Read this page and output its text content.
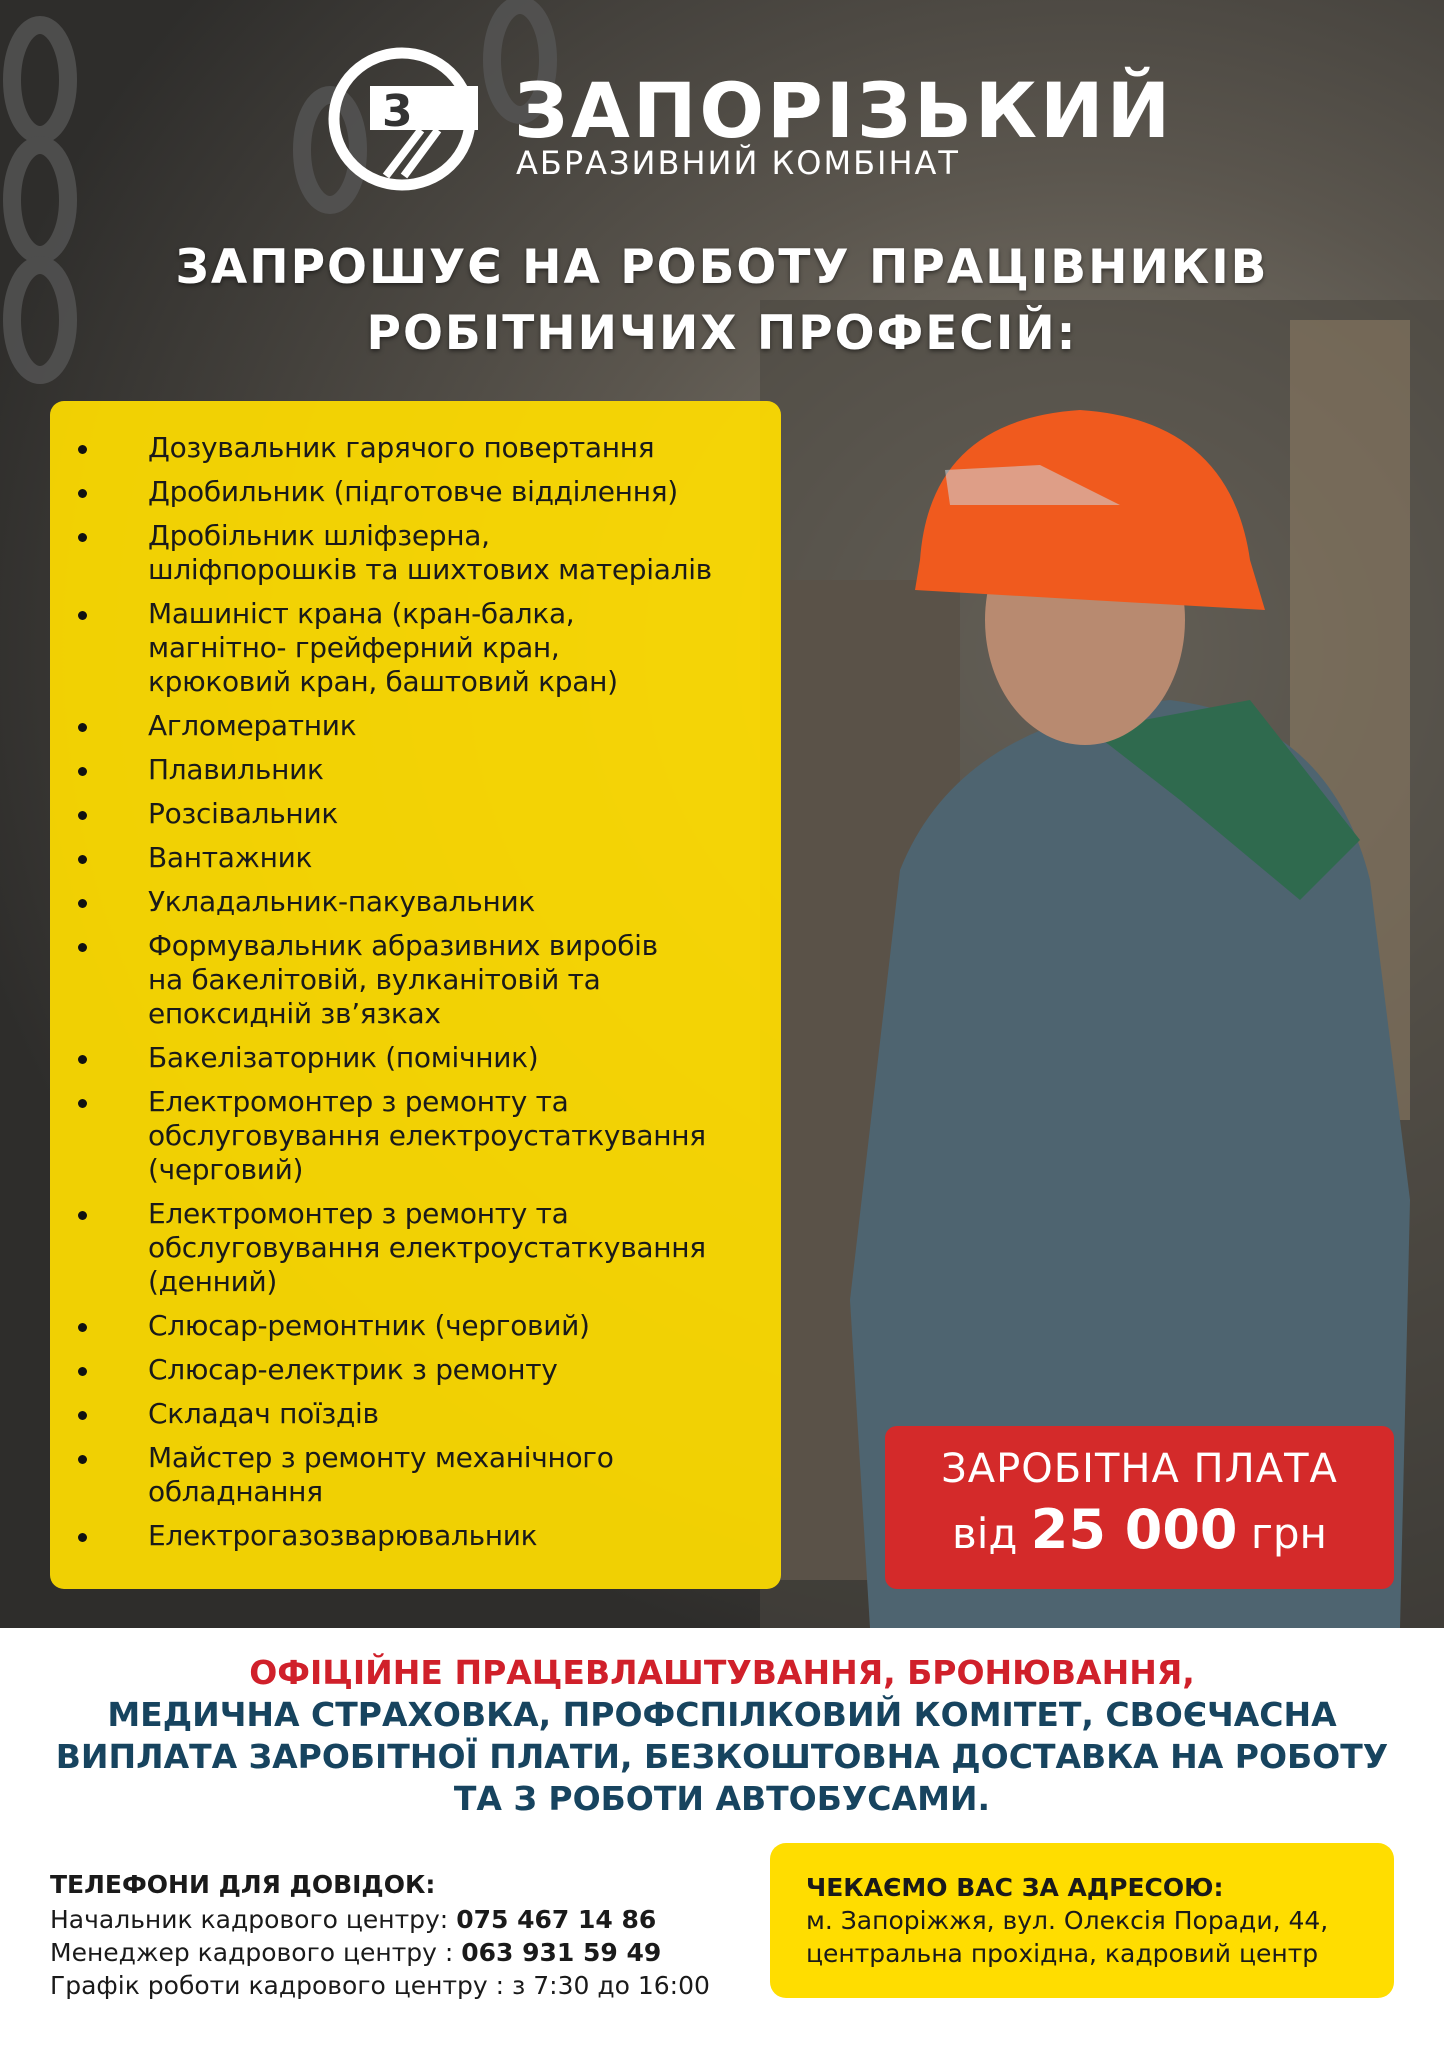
3 ЗАПОРІЗЬКИЙ
АБРАЗИВНИЙ КОМБІНАТ
ЗАПРОШУЄ НА РОБОТУ ПРАЦІВНИКІВ
РОБІТНИЧИХ ПРОФЕСІЙ:
Дозувальник гарячого повертання
Дробильник (підготовче відділення)
Дробільник шліфзерна,
шліфпорошків та шихтових матеріалів
Машиніст крана (кран-балка,
магнітно- грейферний кран,
крюковий кран, баштовий кран)
Агломератник
Плавильник
Розсівальник
Вантажник
Укладальник-пакувальник
Формувальник абразивних виробів
на бакелітовій, вулканітовій та
епоксидній зв’язках
Бакелізаторник (помічник)
Електромонтер з ремонту та
обслуговування електроустаткування
(черговий)
Електромонтер з ремонту та
обслуговування електроустаткування
(денний)
Слюсар-ремонтник (черговий)
Слюсар-електрик з ремонту
Складач поїздів
Майстер з ремонту механічного
обладнання
Електрогазозварювальник
ЗАРОБІТНА ПЛАТА
від 25 000 грн
ОФІЦІЙНЕ ПРАЦЕВЛАШТУВАННЯ, БРОНЮВАННЯ,
МЕДИЧНА СТРАХОВКА, ПРОФСПІЛКОВИЙ КОМІТЕТ, СВОЄЧАСНА
ВИПЛАТА ЗАРОБІТНОЇ ПЛАТИ, БЕЗКОШТОВНА ДОСТАВКА НА РОБОТУ
ТА З РОБОТИ АВТОБУСАМИ.
ТЕЛЕФОНИ ДЛЯ ДОВІДОК:
Начальник кадрового центру: 075 467 14 86
Менеджер кадрового центру : 063 931 59 49
Графік роботи кадрового центру : з 7:30 до 16:00
ЧЕКАЄМО ВАС ЗА АДРЕСОЮ:
м. Запоріжжя, вул. Олексія Поради, 44,
центральна прохідна, кадровий центр
